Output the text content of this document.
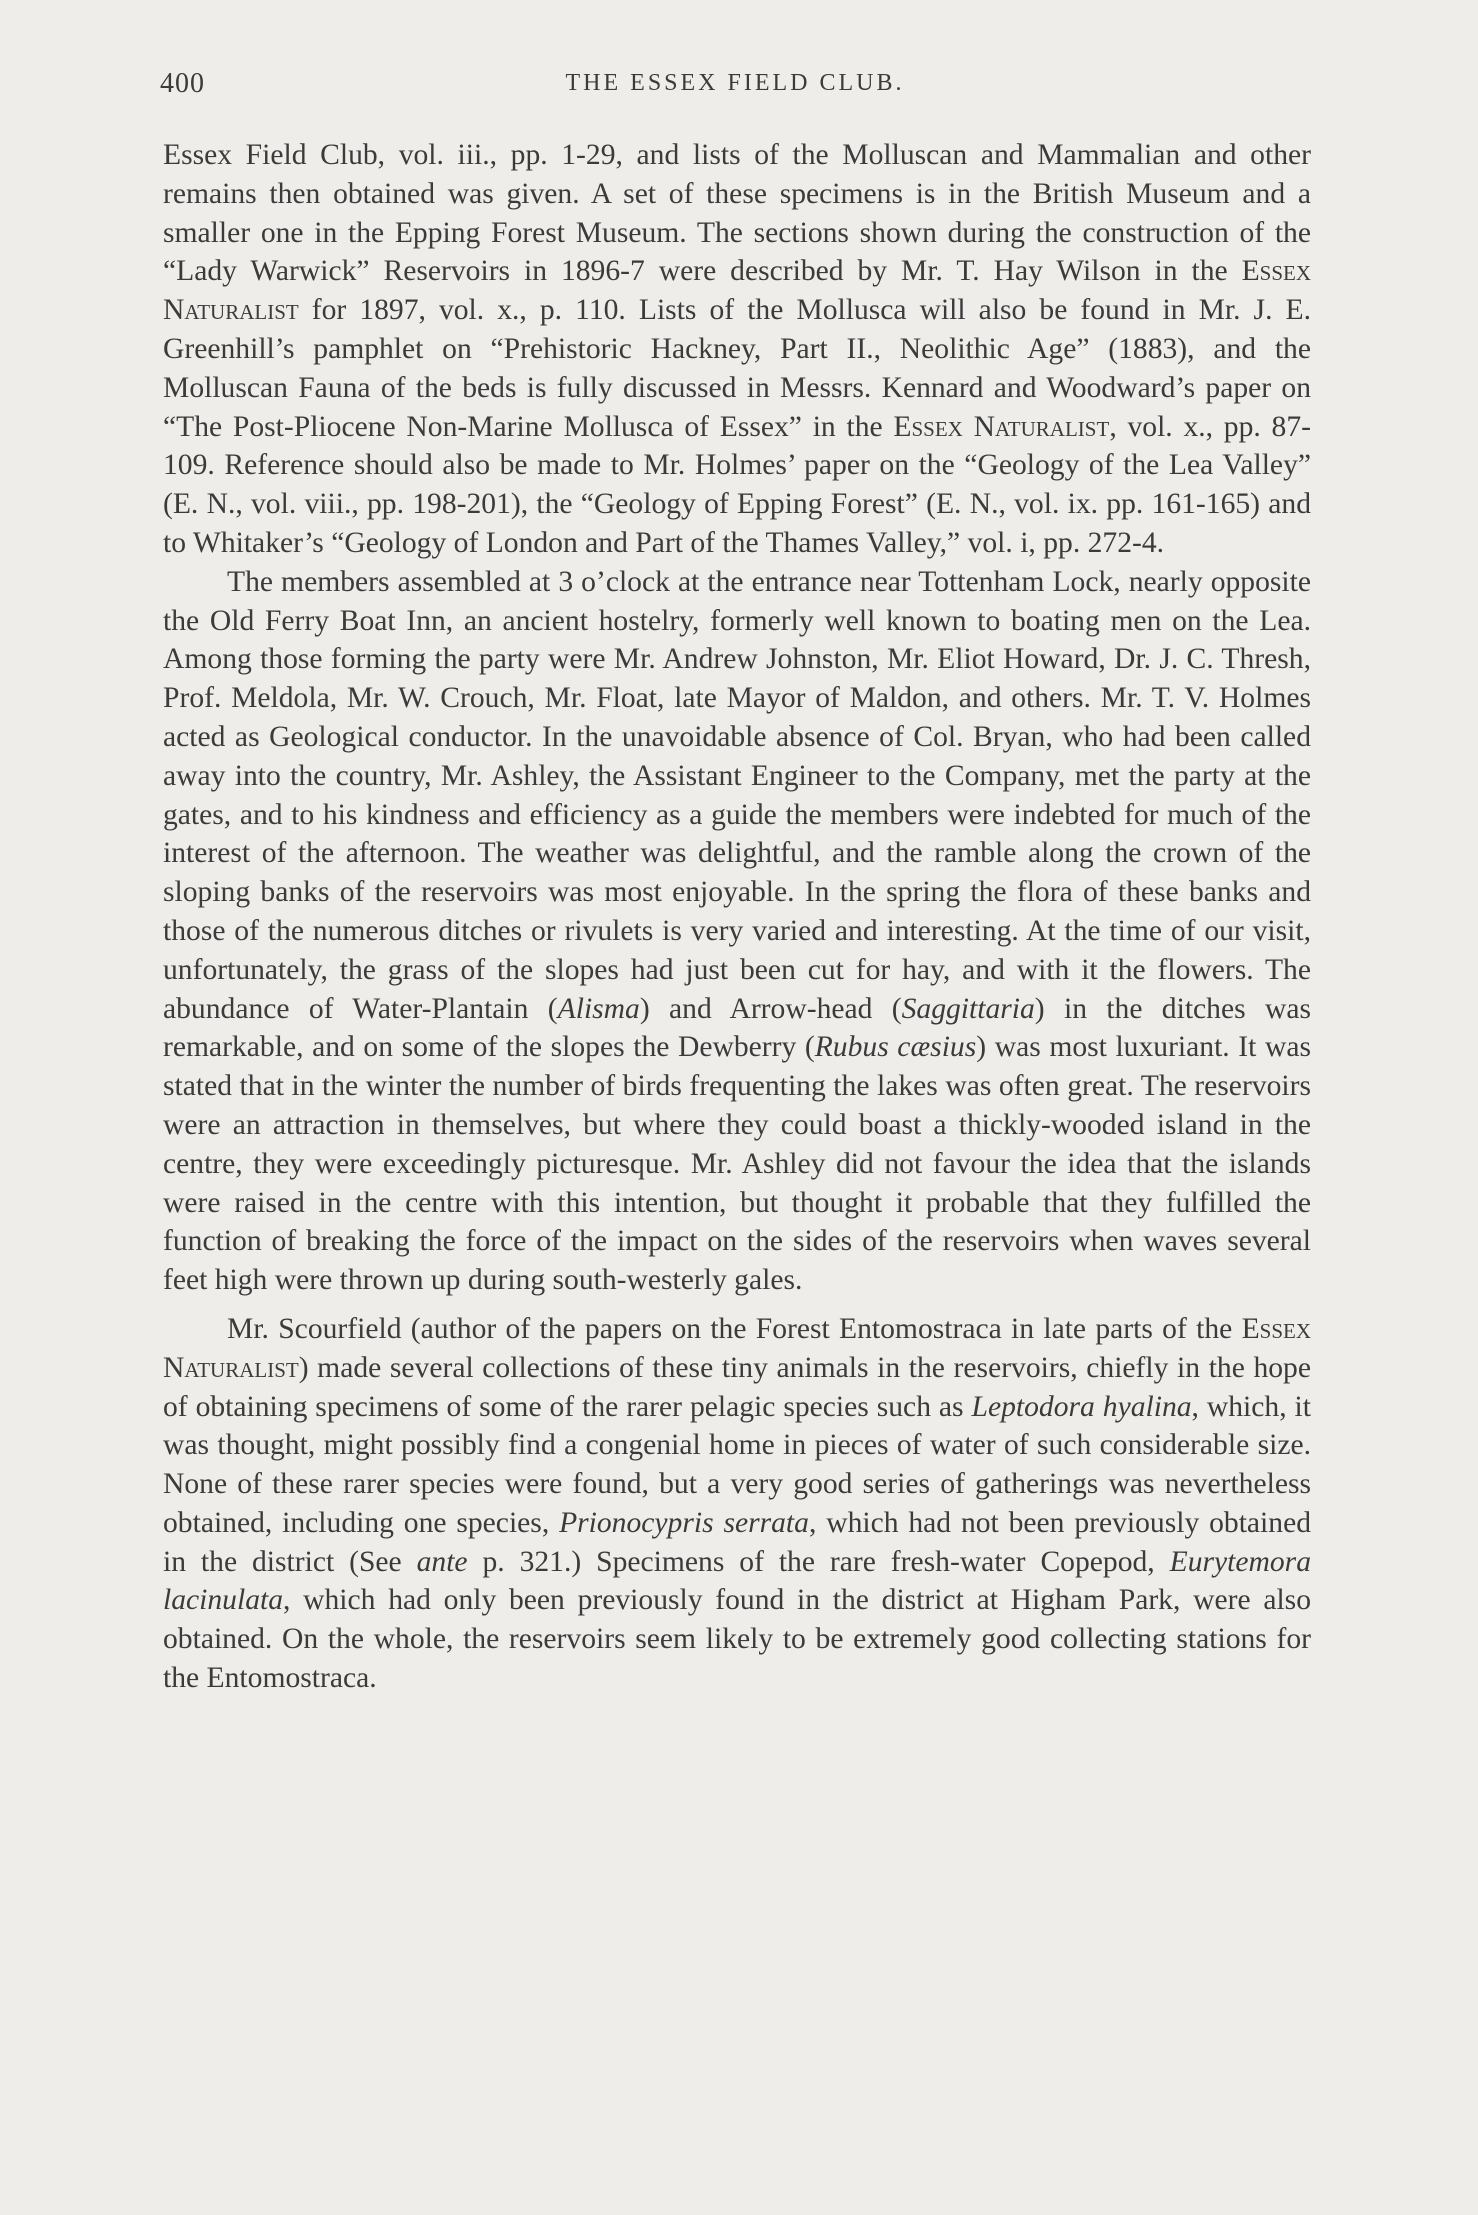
400	THE ESSEX FIELD CLUB.

Essex Field Club, vol. iii., pp. 1-29, and lists of the Molluscan and Mammalian and other remains then obtained was given. A set of these specimens is in the British Museum and a smaller one in the Epping Forest Museum. The sections shown during the construction of the “Lady Warwick” Reservoirs in 1896-7 were described by Mr. T. Hay Wilson in the Essex Naturalist for 1897, vol. x., p. 110. Lists of the Mollusca will also be found in Mr. J. E. Greenhill’s pamphlet on “Prehistoric Hackney, Part II., Neolithic Age” (1883), and the Molluscan Fauna of the beds is fully discussed in Messrs. Kennard and Woodward’s paper on “The Post-Pliocene Non-Marine Mollusca of Essex” in the Essex Naturalist, vol. x., pp. 87-109. Reference should also be made to Mr. Holmes’ paper on the “Geology of the Lea Valley” (E. N., vol. viii., pp. 198-201), the “Geology of Epping Forest” (E. N., vol. ix. pp. 161-165) and to Whitaker’s “Geology of London and Part of the Thames Valley,” vol. i, pp. 272-4.

The members assembled at 3 o’clock at the entrance near Tottenham Lock, nearly opposite the Old Ferry Boat Inn, an ancient hostelry, formerly well known to boating men on the Lea. Among those forming the party were Mr. Andrew Johnston, Mr. Eliot Howard, Dr. J. C. Thresh, Prof. Meldola, Mr. W. Crouch, Mr. Float, late Mayor of Maldon, and others. Mr. T. V. Holmes acted as Geological conductor. In the unavoidable absence of Col. Bryan, who had been called away into the country, Mr. Ashley, the Assistant Engineer to the Company, met the party at the gates, and to his kindness and efficiency as a guide the members were indebted for much of the interest of the afternoon. The weather was delightful, and the ramble along the crown of the sloping banks of the reservoirs was most enjoyable. In the spring the flora of these banks and those of the numerous ditches or rivulets is very varied and interesting. At the time of our visit, unfortunately, the grass of the slopes had just been cut for hay, and with it the flowers. The abundance of Water-Plantain (Alisma) and Arrow-head (Saggittaria) in the ditches was remarkable, and on some of the slopes the Dewberry (Rubus cæsius) was most luxuriant. It was stated that in the winter the number of birds frequenting the lakes was often great. The reservoirs were an attraction in themselves, but where they could boast a thickly-wooded island in the centre, they were exceedingly picturesque. Mr. Ashley did not favour the idea that the islands were raised in the centre with this intention, but thought it probable that they fulfilled the function of breaking the force of the impact on the sides of the reservoirs when waves several feet high were thrown up during south-westerly gales.

Mr. Scourfield (author of the papers on the Forest Entomostraca in late parts of the Essex Naturalist) made several collections of these tiny animals in the reservoirs, chiefly in the hope of obtaining specimens of some of the rarer pelagic species such as Leptodora hyalina, which, it was thought, might possibly find a congenial home in pieces of water of such considerable size. None of these rarer species were found, but a very good series of gatherings was nevertheless obtained, including one species, Prionocypris serrata, which had not been previously obtained in the district (See ante p. 321.) Specimens of the rare fresh-water Copepod, Eurytemora lacinulata, which had only been previously found in the district at Higham Park, were also obtained. On the whole, the reservoirs seem likely to be extremely good collecting stations for the Entomostraca.
